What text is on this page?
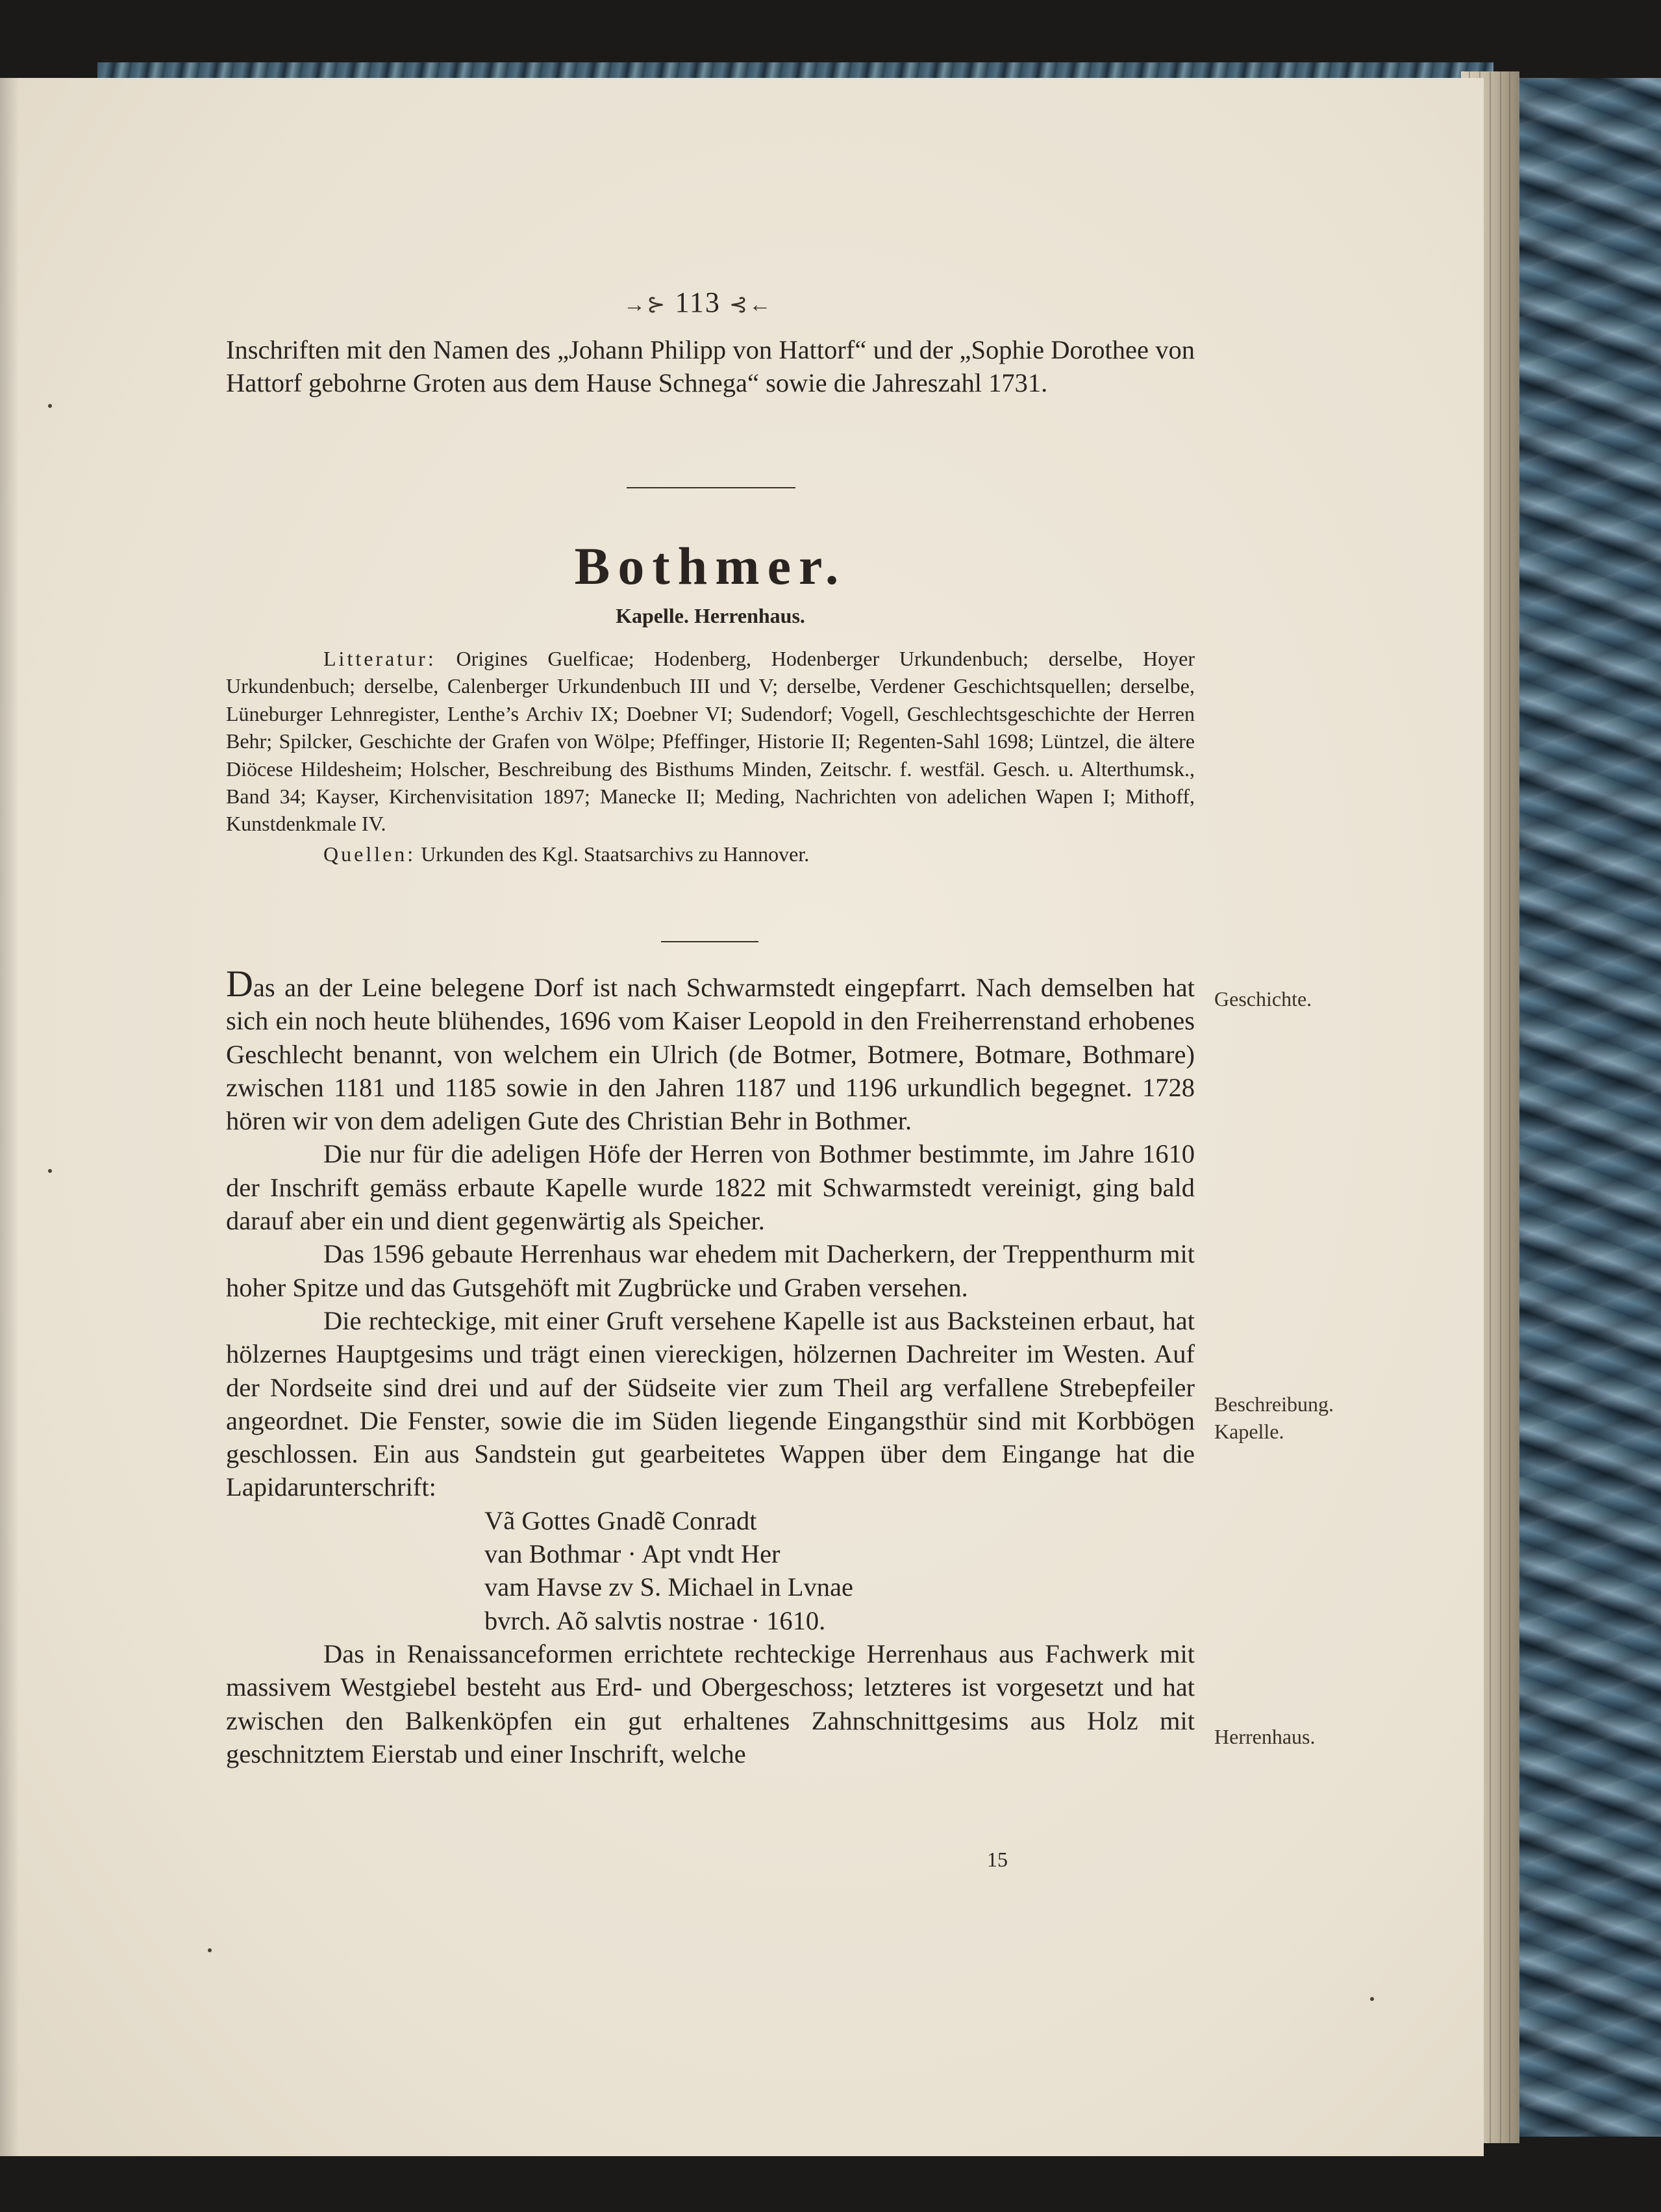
→⊱ 113 ⊰←

Inschriften mit den Namen des „Johann Philipp von Hattorf“ und der „Sophie Dorothee von Hattorf gebohrne Groten aus dem Hause Schnega“ sowie die Jahreszahl 1731.

Bothmer.
Kapelle. Herrenhaus.

Litteratur: Origines Guelficae; Hodenberg, Hodenberger Urkundenbuch; derselbe, Hoyer Urkundenbuch; derselbe, Calenberger Urkundenbuch III und V; derselbe, Verdener Geschichtsquellen; derselbe, Lüneburger Lehnregister, Lenthe’s Archiv IX; Doebner VI; Sudendorf; Vogell, Geschlechtsgeschichte der Herren Behr; Spilcker, Geschichte der Grafen von Wölpe; Pfeffinger, Historie II; Regenten-Sahl 1698; Lüntzel, die ältere Diöcese Hildesheim; Holscher, Beschreibung des Bisthums Minden, Zeitschr. f. westfäl. Gesch. u. Alterthumsk., Band 34; Kayser, Kirchenvisitation 1897; Manecke II; Meding, Nachrichten von adelichen Wapen I; Mithoff, Kunstdenkmale IV.

Quellen: Urkunden des Kgl. Staatsarchivs zu Hannover.

Das an der Leine belegene Dorf ist nach Schwarmstedt eingepfarrt. Nach demselben hat sich ein noch heute blühendes, 1696 vom Kaiser Leopold in den Freiherrenstand erhobenes Geschlecht benannt, von welchem ein Ulrich (de Botmer, Botmere, Botmare, Bothmare) zwischen 1181 und 1185 sowie in den Jahren 1187 und 1196 urkundlich begegnet. 1728 hören wir von dem adeligen Gute des Christian Behr in Bothmer.

Die nur für die adeligen Höfe der Herren von Bothmer bestimmte, im Jahre 1610 der Inschrift gemäss erbaute Kapelle wurde 1822 mit Schwarmstedt vereinigt, ging bald darauf aber ein und dient gegenwärtig als Speicher.

Das 1596 gebaute Herrenhaus war ehedem mit Dacherkern, der Treppenthurm mit hoher Spitze und das Gutsgehöft mit Zugbrücke und Graben versehen.

Die rechteckige, mit einer Gruft versehene Kapelle ist aus Backsteinen erbaut, hat hölzernes Hauptgesims und trägt einen viereckigen, hölzernen Dachreiter im Westen. Auf der Nordseite sind drei und auf der Südseite vier zum Theil arg verfallene Strebepfeiler angeordnet. Die Fenster, sowie die im Süden liegende Eingangsthür sind mit Korbbögen geschlossen. Ein aus Sandstein gut gearbeitetes Wappen über dem Eingange hat die Lapidarunterschrift:

Vã Gottes Gnadẽ Conradt

van Bothmar · Apt vndt Her

vam Havse zv S. Michael in Lvnae

bvrch. Aõ salvtis nostrae · 1610.

Das in Renaissanceformen errichtete rechteckige Herrenhaus aus Fachwerk mit massivem Westgiebel besteht aus Erd- und Obergeschoss; letzteres ist vorgesetzt und hat zwischen den Balkenköpfen ein gut erhaltenes Zahnschnittgesims aus Holz mit geschnitztem Eierstab und einer Inschrift, welche

Geschichte.
Beschreibung.
Kapelle.
Herrenhaus.
15
